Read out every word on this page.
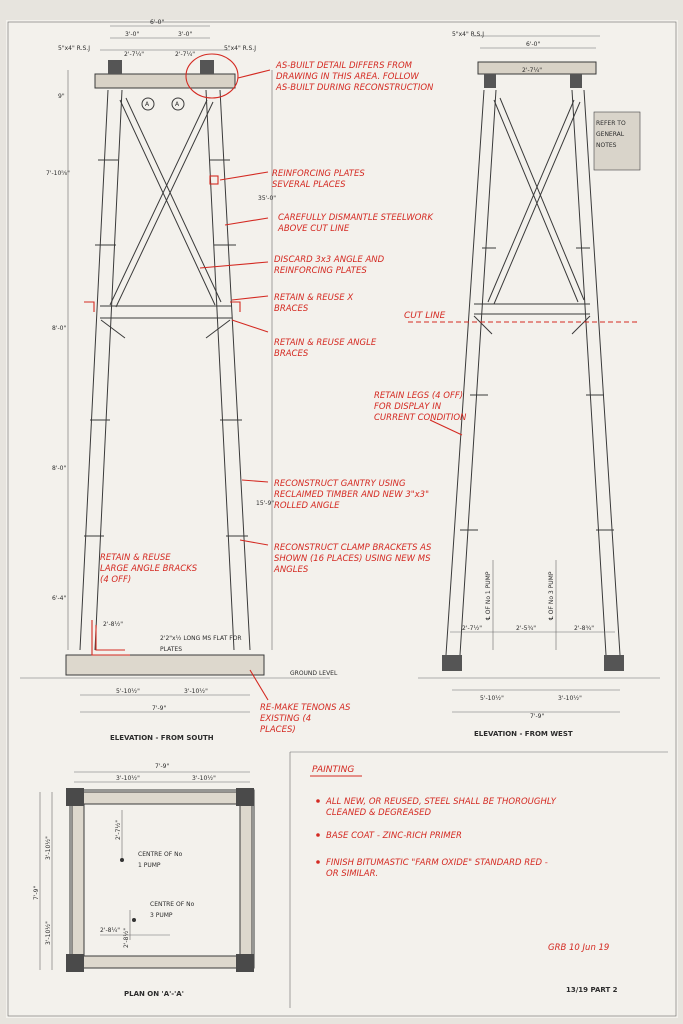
A	A
6'-0"
3'-0"	3'-0"
5"x4" R.S.J	5"x4" R.S.J
2'-7¼"	2'-7¼"
9"
7'-10⅝"
8'-0"
8'-0"
6'-4"
35'-0"
15'-9"
2'-8½"
2'2"x½ LONG MS FLAT FOR PLATES
GROUND LEVEL
5'-10½"	3'-10½"
7'-9"
ELEVATION - FROM SOUTH
AS-BUILT DETAIL DIFFERS FROM DRAWING IN THIS AREA. FOLLOW AS-BUILT DURING RECONSTRUCTION
REINFORCING PLATES SEVERAL PLACES
CAREFULLY DISMANTLE STEELWORK ABOVE CUT LINE
DISCARD 3x3 ANGLE AND REINFORCING PLATES
RETAIN & REUSE X BRACES
RETAIN & REUSE ANGLE BRACES
RECONSTRUCT GANTRY USING RECLAIMED TIMBER AND NEW 3"x3" ROLLED ANGLE
RECONSTRUCT CLAMP BRACKETS AS SHOWN (16 PLACES) USING NEW MS ANGLES
RETAIN & REUSE LARGE ANGLE BRACKS (4 OFF)
RE-MAKE TENONS AS EXISTING (4 PLACES)
5"x4" R.S.J
6'-0"
2'-7¼"
℄ OF No 1 PUMP	℄ OF No 3 PUMP
2'-7½"	2'-5¾"	2'-8¾"
5'-10½"	3'-10½"
7'-9"
ELEVATION - FROM WEST
REFER TO GENERAL NOTES
CUT LINE
RETAIN LEGS (4 OFF) FOR DISPLAY IN CURRENT CONDITION
7'-9"
3'-10½"	3'-10½"
7'-9"
3'-10½"
3'-10½"
2'-7½"
2'-8¼" 2'-8½"
CENTRE OF No 1 PUMP
CENTRE OF No 3 PUMP
PLAN ON 'A'-'A'
PAINTING
ALL NEW, OR REUSED, STEEL SHALL BE THOROUGHLY CLEANED & DEGREASED
BASE COAT - ZINC-RICH PRIMER
FINISH BITUMASTIC "FARM OXIDE" STANDARD RED -OR SIMILAR.
GRB 10 Jun 19
13/19 PART 2
